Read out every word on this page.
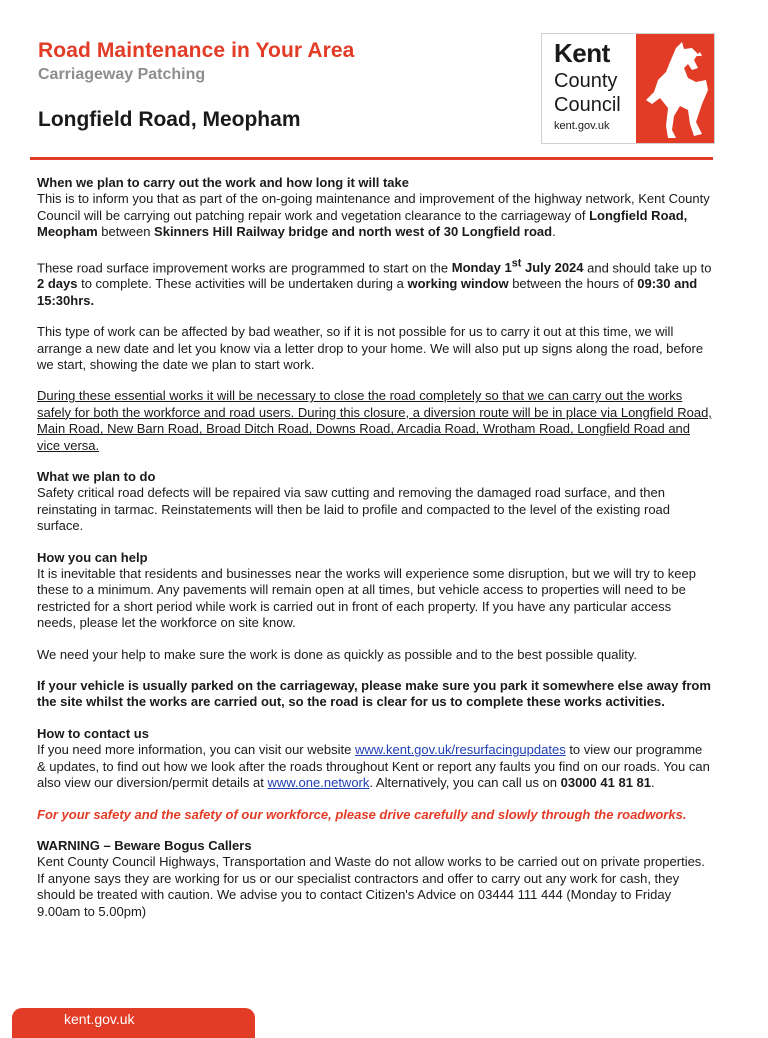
Road Maintenance in Your Area
Carriageway Patching
Longfield Road, Meopham
Kent
County
Council
kent.gov.uk

When we plan to carry out the work and how long it will take

This is to inform you that as part of the on-going maintenance and improvement of the highway network, Kent County Council will be carrying out patching repair work and vegetation clearance to the carriageway of Longfield Road, Meopham between Skinners Hill Railway bridge and north west of 30 Longfield road.

These road surface improvement works are programmed to start on the Monday 1st July 2024 and should take up to 2 days to complete. These activities will be undertaken during a working window between the hours of 09:30 and 15:30hrs.

This type of work can be affected by bad weather, so if it is not possible for us to carry it out at this time, we will arrange a new date and let you know via a letter drop to your home. We will also put up signs along the road, before we start, showing the date we plan to start work.

During these essential works it will be necessary to close the road completely so that we can carry out the works safely for both the workforce and road users. During this closure, a diversion route will be in place via Longfield Road, Main Road, New Barn Road, Broad Ditch Road, Downs Road, Arcadia Road, Wrotham Road, Longfield Road and vice versa.

What we plan to do

Safety critical road defects will be repaired via saw cutting and removing the damaged road surface, and then reinstating in tarmac. Reinstatements will then be laid to profile and compacted to the level of the existing road surface.

How you can help

It is inevitable that residents and businesses near the works will experience some disruption, but we will try to keep these to a minimum. Any pavements will remain open at all times, but vehicle access to properties will need to be restricted for a short period while work is carried out in front of each property. If you have any particular access needs, please let the workforce on site know.

We need your help to make sure the work is done as quickly as possible and to the best possible quality.

If your vehicle is usually parked on the carriageway, please make sure you park it somewhere else away from the site whilst the works are carried out, so the road is clear for us to complete these works activities.

How to contact us

If you need more information, you can visit our website www.kent.gov.uk/resurfacingupdates to view our programme & updates, to find out how we look after the roads throughout Kent or report any faults you find on our roads. You can also view our diversion/permit details at www.one.network. Alternatively, you can call us on 03000 41 81 81.

For your safety and the safety of our workforce, please drive carefully and slowly through the roadworks.

WARNING – Beware Bogus Callers

Kent County Council Highways, Transportation and Waste do not allow works to be carried out on private properties. If anyone says they are working for us or our specialist contractors and offer to carry out any work for cash, they should be treated with caution. We advise you to contact Citizen's Advice on 03444 111 444 (Monday to Friday 9.00am to 5.00pm)

kent.gov.uk
